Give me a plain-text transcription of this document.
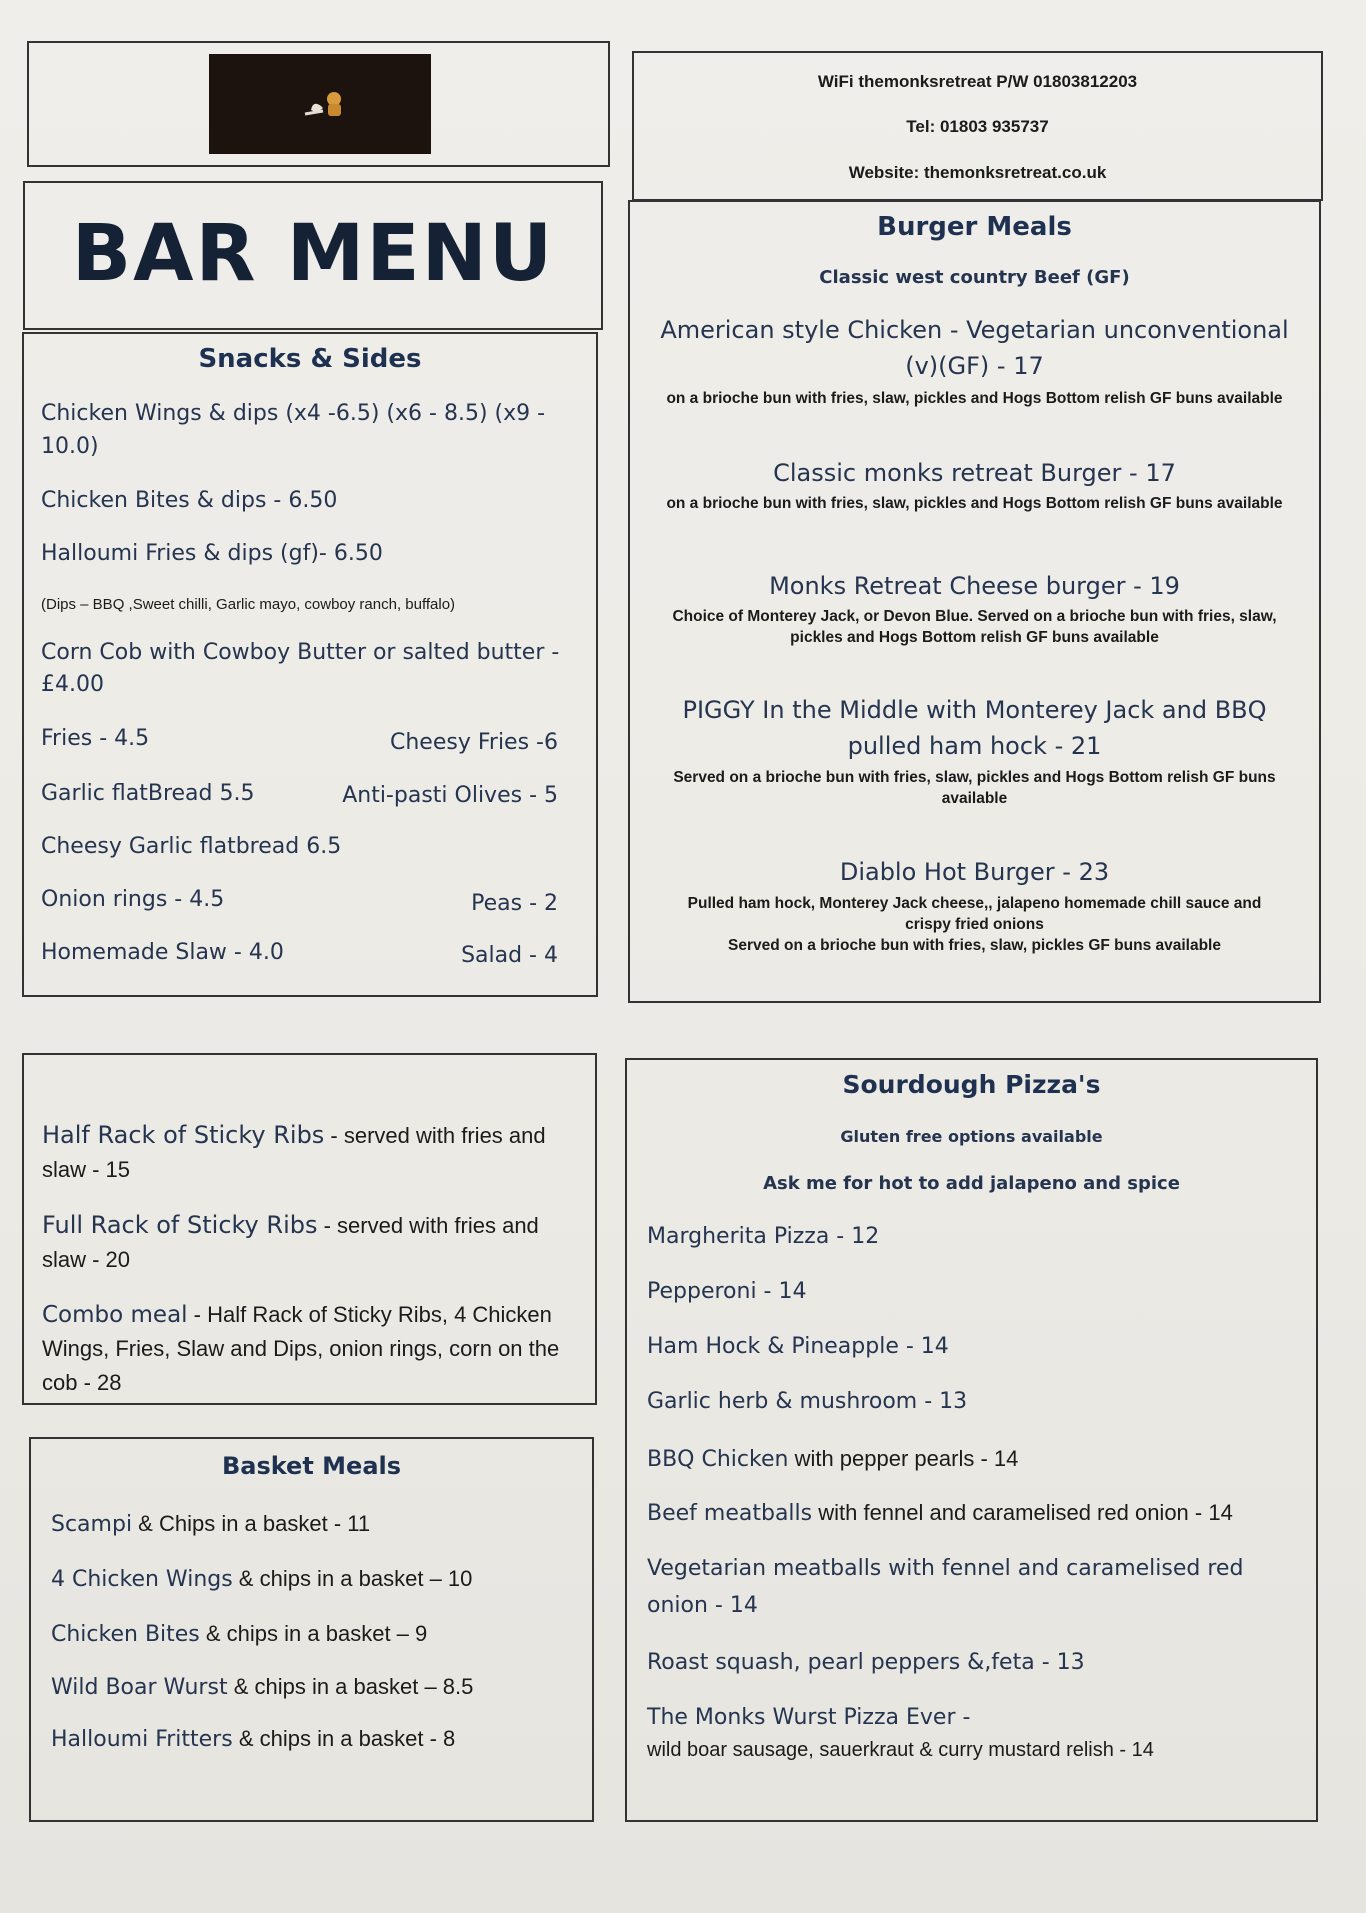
BAR MENU
Snacks & Sides
Chicken Wings & dips (x4 -6.5) (x6 - 8.5) (x9 -
10.0)
Chicken Bites & dips - 6.50
Halloumi Fries & dips (gf)- 6.50
(Dips – BBQ ,Sweet chilli, Garlic mayo, cowboy ranch, buffalo)
Corn Cob with Cowboy Butter or salted butter -
£4.00
Fries - 4.5	Cheesy Fries -6
Garlic flatBread 5.5	Anti-pasti Olives - 5
Cheesy Garlic flatbread 6.5
Onion rings - 4.5	Peas - 2
Homemade Slaw - 4.0	Salad - 4
WiFi themonksretreat P/W 01803812203
Tel: 01803 935737
Website: themonksretreat.co.uk
Burger Meals
Classic west country Beef (GF)
American style Chicken - Vegetarian unconventional
(v)(GF) - 17
on a brioche bun with fries, slaw, pickles and Hogs Bottom relish GF buns available
Classic monks retreat Burger - 17
on a brioche bun with fries, slaw, pickles and Hogs Bottom relish GF buns available
Monks Retreat Cheese burger - 19
Choice of Monterey Jack, or Devon Blue. Served on a brioche bun with fries, slaw,
pickles and Hogs Bottom relish GF buns available
PIGGY In the Middle with Monterey Jack and BBQ
pulled ham hock - 21
Served on a brioche bun with fries, slaw, pickles and Hogs Bottom relish GF buns
available
Diablo Hot Burger - 23
Pulled ham hock, Monterey Jack cheese,, jalapeno homemade chill sauce and
crispy fried onions
Served on a brioche bun with fries, slaw, pickles GF buns available
Half Rack of Sticky Ribs - served with fries and slaw - 15
Full Rack of Sticky Ribs - served with fries and slaw - 20
Combo meal - Half Rack of Sticky Ribs, 4 Chicken Wings, Fries, Slaw and Dips, onion rings, corn on the cob - 28
Basket Meals
Scampi & Chips in a basket - 11
4 Chicken Wings & chips in a basket – 10
Chicken Bites & chips in a basket – 9
Wild Boar Wurst & chips in a basket – 8.5
Halloumi Fritters & chips in a basket - 8
Sourdough Pizza's
Gluten free options available
Ask me for hot to add jalapeno and spice
Margherita Pizza - 12
Pepperoni - 14
Ham Hock & Pineapple - 14
Garlic herb & mushroom - 13
BBQ Chicken with pepper pearls - 14
Beef meatballs with fennel and caramelised red onion - 14
Vegetarian meatballs with fennel and caramelised red onion - 14
Roast squash, pearl peppers &,feta - 13
The Monks Wurst Pizza Ever -
wild boar sausage, sauerkraut & curry mustard relish - 14
